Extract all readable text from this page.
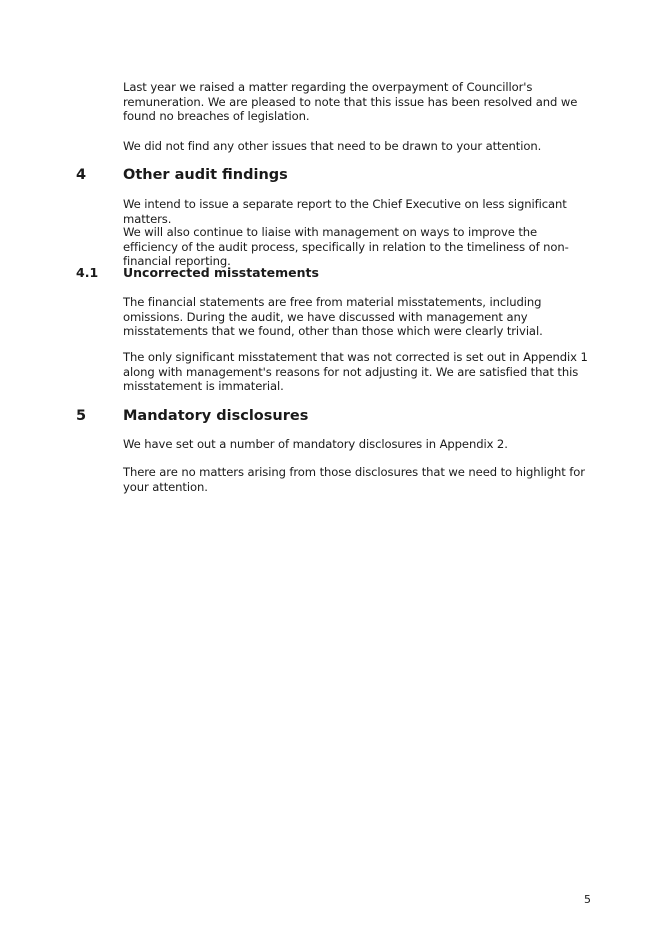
Last year we raised a matter regarding the overpayment of Councillor's remuneration. We are pleased to note that this issue has been resolved and we found no breaches of legislation.

We did not find any other issues that need to be drawn to your attention.

4	Other audit findings

We intend to issue a separate report to the Chief Executive on less significant matters.

We will also continue to liaise with management on ways to improve the efficiency of the audit process, specifically in relation to the timeliness of non-financial reporting.

4.1 Uncorrected misstatements

The financial statements are free from material misstatements, including omissions. During the audit, we have discussed with management any misstatements that we found, other than those which were clearly trivial.

The only significant misstatement that was not corrected is set out in Appendix 1 along with management's reasons for not adjusting it. We are satisfied that this misstatement is immaterial.

5	Mandatory disclosures

We have set out a number of mandatory disclosures in Appendix 2.

There are no matters arising from those disclosures that we need to highlight for your attention.

5
